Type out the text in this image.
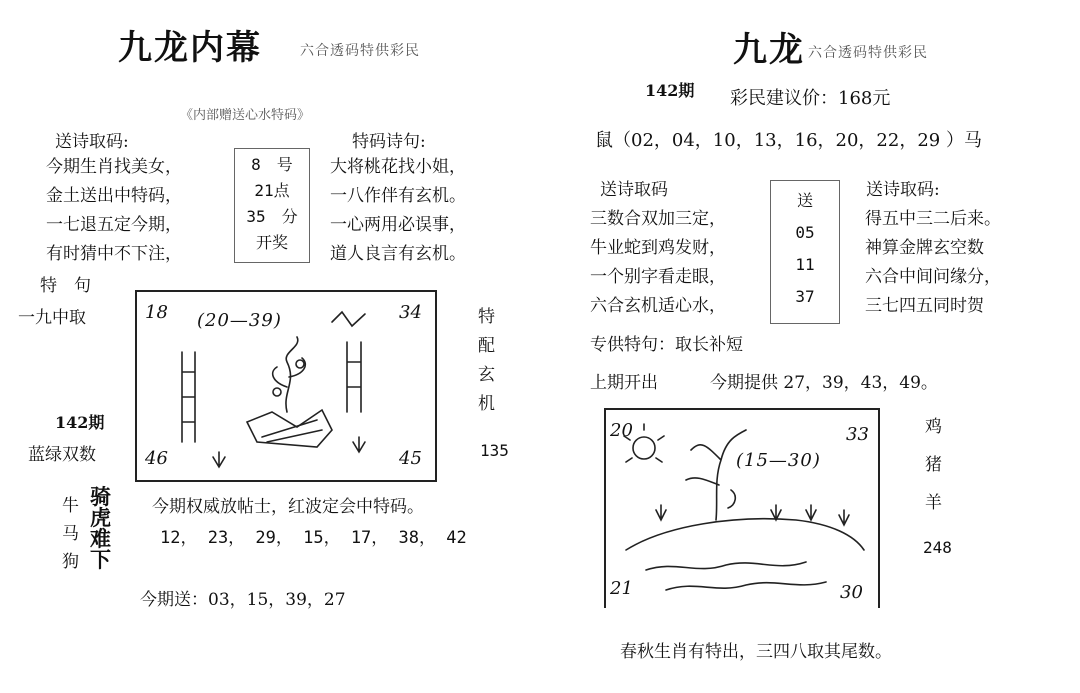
九龙内幕	六合透码特供彩民
《内部赠送心水特码》
送诗取码:	特码诗句:
今期生肖找美女，
金土送出中特码，
一七退五定今期，
有时猜中不下注，
8　号
21点
35　分
开奖
大将桃花找小姐，
一八作伴有玄机。
一心两用必误事，
道人良言有玄机。
特　句
一九中取
142期
蓝绿双数
18	34
46	45
(20—39)	特
配
玄
机
135
牛
马
狗
骑
虎
难
下
今期权威放帖士，红波定会中特码。
12， 23， 29， 15， 17， 38， 42
今期送：03，15，39，27
九龙 六合透码特供彩民
142期 彩民建议价：168元
鼠（02，04，10，13，16，20，22，29 ）马
送诗取码	送诗取码:
三数合双加三定，
牛业蛇到鸡发财，
一个别字看走眼，
六合玄机适心水，
送
05
11
37
得五中三二后来。
神算金牌玄空数
六合中间问缘分，
三七四五同时贺
专供特句：取长补短
上期开出	今期提供 27，39，43，49。
20	33
21	30
(15—30)
鸡
猪
羊
248
春秋生肖有特出，三四八取其尾数。
